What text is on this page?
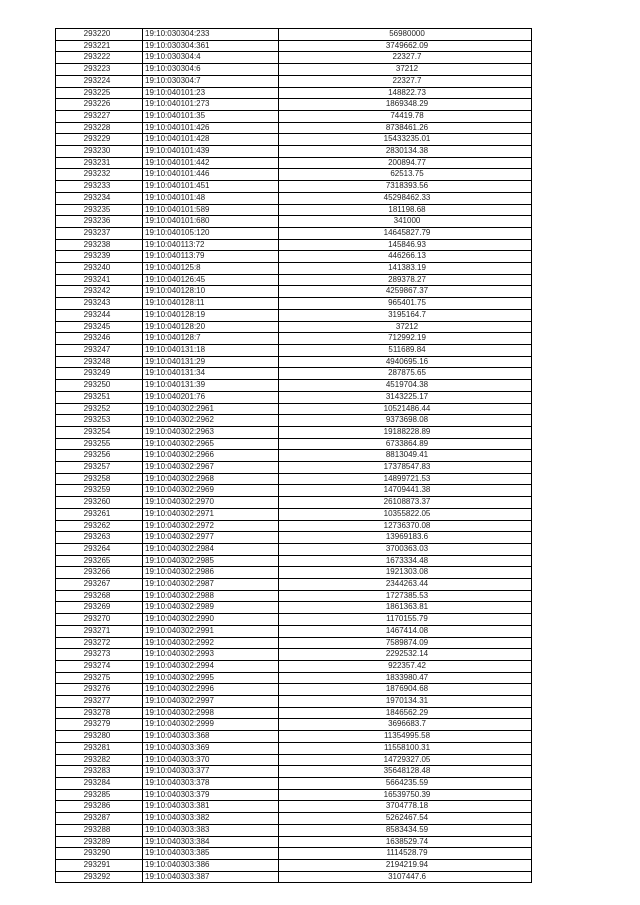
293220	19:10:030304:233	56980000
293221	19:10:030304:361	3749662.09
293222	19:10:030304:4	22327.7
293223	19:10:030304:6	37212
293224	19:10:030304:7	22327.7
293225	19:10:040101:23	148822.73
293226	19:10:040101:273	1869348.29
293227	19:10:040101:35	74419.78
293228	19:10:040101:426	8738461.26
293229	19:10:040101:428	15433235.01
293230	19:10:040101:439	2830134.38
293231	19:10:040101:442	200894.77
293232	19:10:040101:446	62513.75
293233	19:10:040101:451	7318393.56
293234	19:10:040101:48	45298462.33
293235	19:10:040101:589	181198.68
293236	19:10:040101:680	341000
293237	19:10:040105:120	14645827.79
293238	19:10:040113:72	145846.93
293239	19:10:040113:79	446266.13
293240	19:10:040125:8	141383.19
293241	19:10:040126:45	289378.27
293242	19:10:040128:10	4259867.37
293243	19:10:040128:11	965401.75
293244	19:10:040128:19	3195164.7
293245	19:10:040128:20	37212
293246	19:10:040128:7	712992.19
293247	19:10:040131:18	511689.84
293248	19:10:040131:29	4940695.16
293249	19:10:040131:34	287875.65
293250	19:10:040131:39	4519704.38
293251	19:10:040201:76	3143225.17
293252	19:10:040302:2961	10521486.44
293253	19:10:040302:2962	9373698.08
293254	19:10:040302:2963	19188228.89
293255	19:10:040302:2965	6733864.89
293256	19:10:040302:2966	8813049.41
293257	19:10:040302:2967	17378547.83
293258	19:10:040302:2968	14899721.53
293259	19:10:040302:2969	14709441.38
293260	19:10:040302:2970	26108873.37
293261	19:10:040302:2971	10355822.05
293262	19:10:040302:2972	12736370.08
293263	19:10:040302:2977	13969183.6
293264	19:10:040302:2984	3700363.03
293265	19:10:040302:2985	1673334.48
293266	19:10:040302:2986	1921303.08
293267	19:10:040302:2987	2344263.44
293268	19:10:040302:2988	1727385.53
293269	19:10:040302:2989	1861363.81
293270	19:10:040302:2990	1170155.79
293271	19:10:040302:2991	1467414.08
293272	19:10:040302:2992	7589874.09
293273	19:10:040302:2993	2292532.14
293274	19:10:040302:2994	922357.42
293275	19:10:040302:2995	1833980.47
293276	19:10:040302:2996	1876904.68
293277	19:10:040302:2997	1970134.31
293278	19:10:040302:2998	1846562.29
293279	19:10:040302:2999	3696683.7
293280	19:10:040303:368	11354995.58
293281	19:10:040303:369	11558100.31
293282	19:10:040303:370	14729327.05
293283	19:10:040303:377	35648128.48
293284	19:10:040303:378	5664235.59
293285	19:10:040303:379	16539750.39
293286	19:10:040303:381	3704778.18
293287	19:10:040303:382	5262467.54
293288	19:10:040303:383	8583434.59
293289	19:10:040303:384	1638529.74
293290	19:10:040303:385	1114528.79
293291	19:10:040303:386	2194219.94
293292	19:10:040303:387	3107447.6
